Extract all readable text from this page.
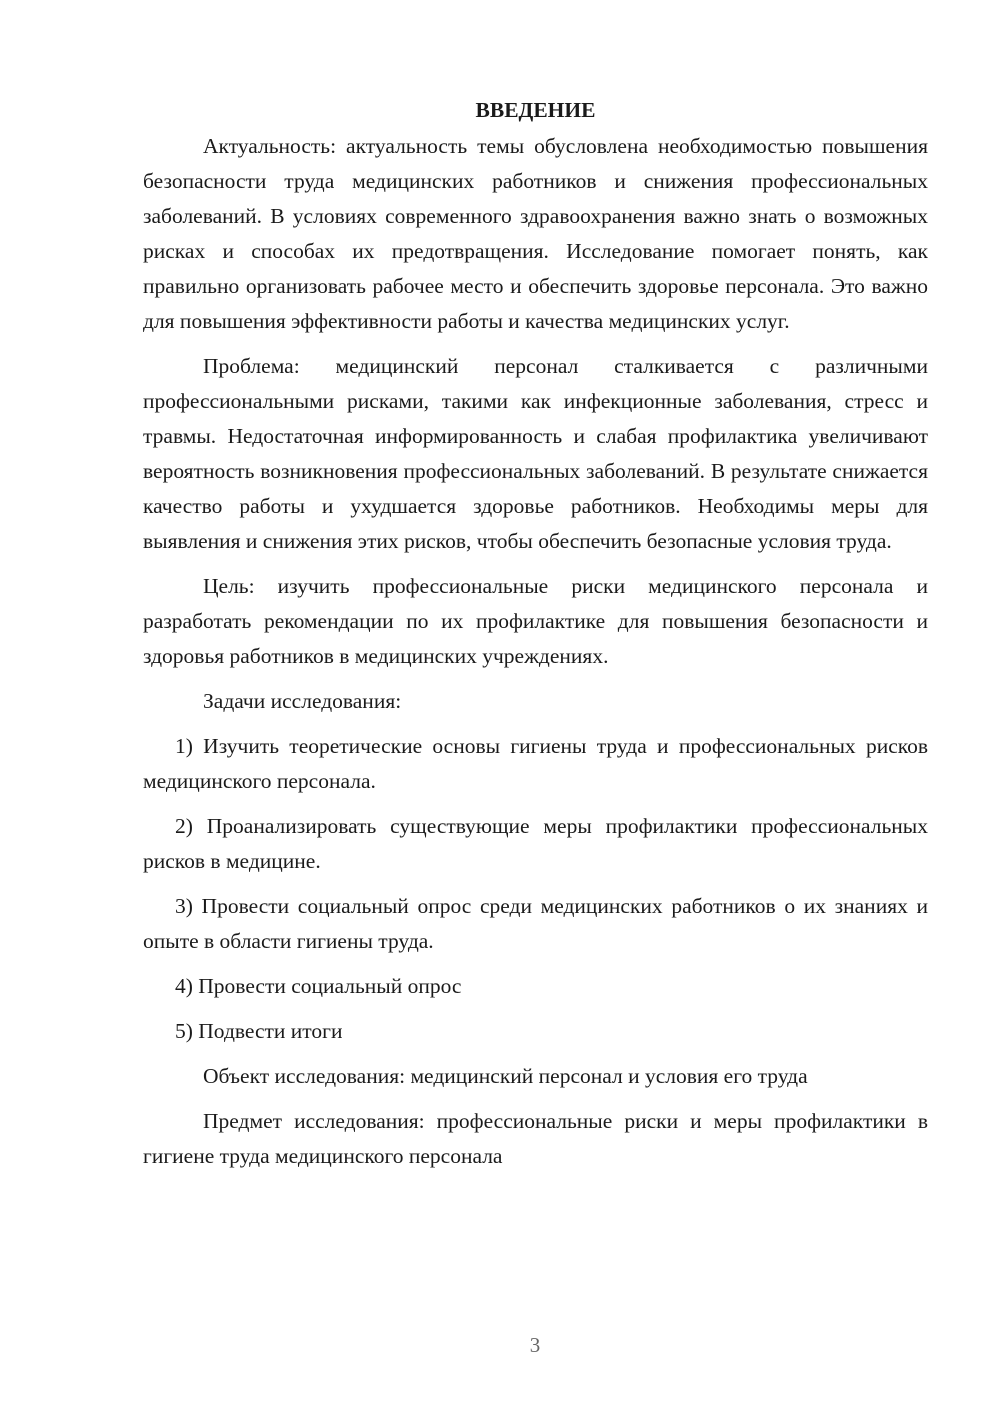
ВВЕДЕНИЕ

Актуальность: актуальность темы обусловлена необходимостью повышения безопасности труда медицинских работников и снижения профессиональных заболеваний. В условиях современного здравоохранения важно знать о возможных рисках и способах их предотвращения. Исследование помогает понять, как правильно организовать рабочее место и обеспечить здоровье персонала. Это важно для повышения эффективности работы и качества медицинских услуг.

Проблема: медицинский персонал сталкивается с различными профессиональными рисками, такими как инфекционные заболевания, стресс и травмы. Недостаточная информированность и слабая профилактика увеличивают вероятность возникновения профессиональных заболеваний. В результате снижается качество работы и ухудшается здоровье работников. Необходимы меры для выявления и снижения этих рисков, чтобы обеспечить безопасные условия труда.

Цель: изучить профессиональные риски медицинского персонала и разработать рекомендации по их профилактике для повышения безопасности и здоровья работников в медицинских учреждениях.

Задачи исследования:

1) Изучить теоретические основы гигиены труда и профессиональных рисков медицинского персонала.

2) Проанализировать существующие меры профилактики профессиональных рисков в медицине.

3) Провести социальный опрос среди медицинских работников о их знаниях и опыте в области гигиены труда.

4) Провести социальный опрос

5) Подвести итоги

Объект исследования: медицинский персонал и условия его труда

Предмет исследования: профессиональные риски и меры профилактики в гигиене труда медицинского персонала

3
